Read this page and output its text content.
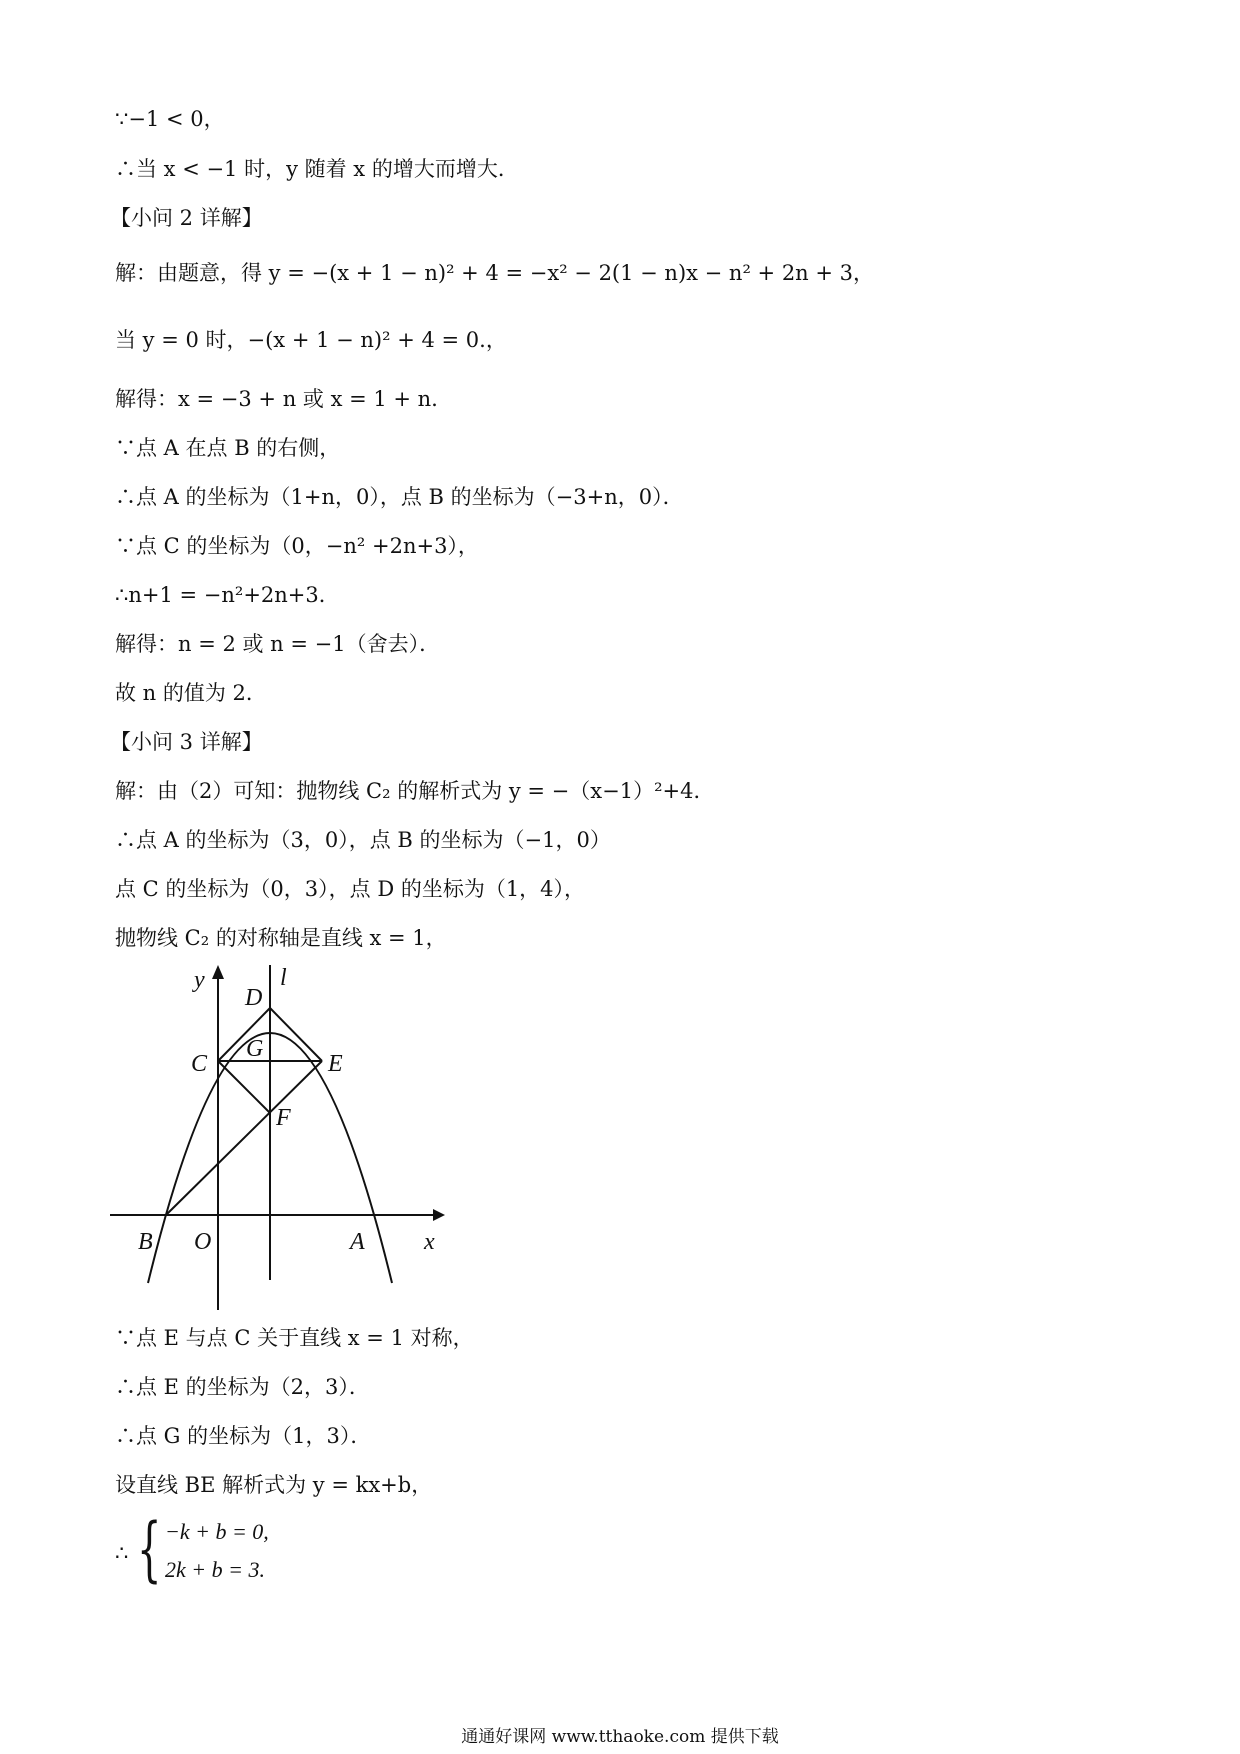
∵−1 < 0，
∴当 x < −1 时，y 随着 x 的增大而增大．
【小问 2 详解】
解：由题意，得 y = −(x + 1 − n)² + 4 = −x² − 2(1 − n)x − n² + 2n + 3，
当 y = 0 时，−(x + 1 − n)² + 4 = 0.，
解得：x = −3 + n 或 x = 1 + n．
∵点 A 在点 B 的右侧，
∴点 A 的坐标为（1+n，0），点 B 的坐标为（−3+n，0）．
∵点 C 的坐标为（0，−n² +2n+3），
∴n+1 = −n²+2n+3．
解得：n = 2 或 n = −1（舍去）．
故 n 的值为 2．
【小问 3 详解】
解：由（2）可知：抛物线 C₂ 的解析式为 y = −（x−1）²+4．
∴点 A 的坐标为（3，0），点 B 的坐标为（−1，0）
点 C 的坐标为（0，3），点 D 的坐标为（1，4），
抛物线 C₂ 的对称轴是直线 x = 1，
y	l
D
C
G
E
F
B O	A x
∵点 E 与点 C 关于直线 x = 1 对称，
∴点 E 的坐标为（2，3）．
∴点 G 的坐标为（1，3）．
设直线 BE 解析式为 y = kx+b，
∴ { −k + b = 0,
2k + b = 3.
通通好课网 www.tthaoke.com 提供下载
